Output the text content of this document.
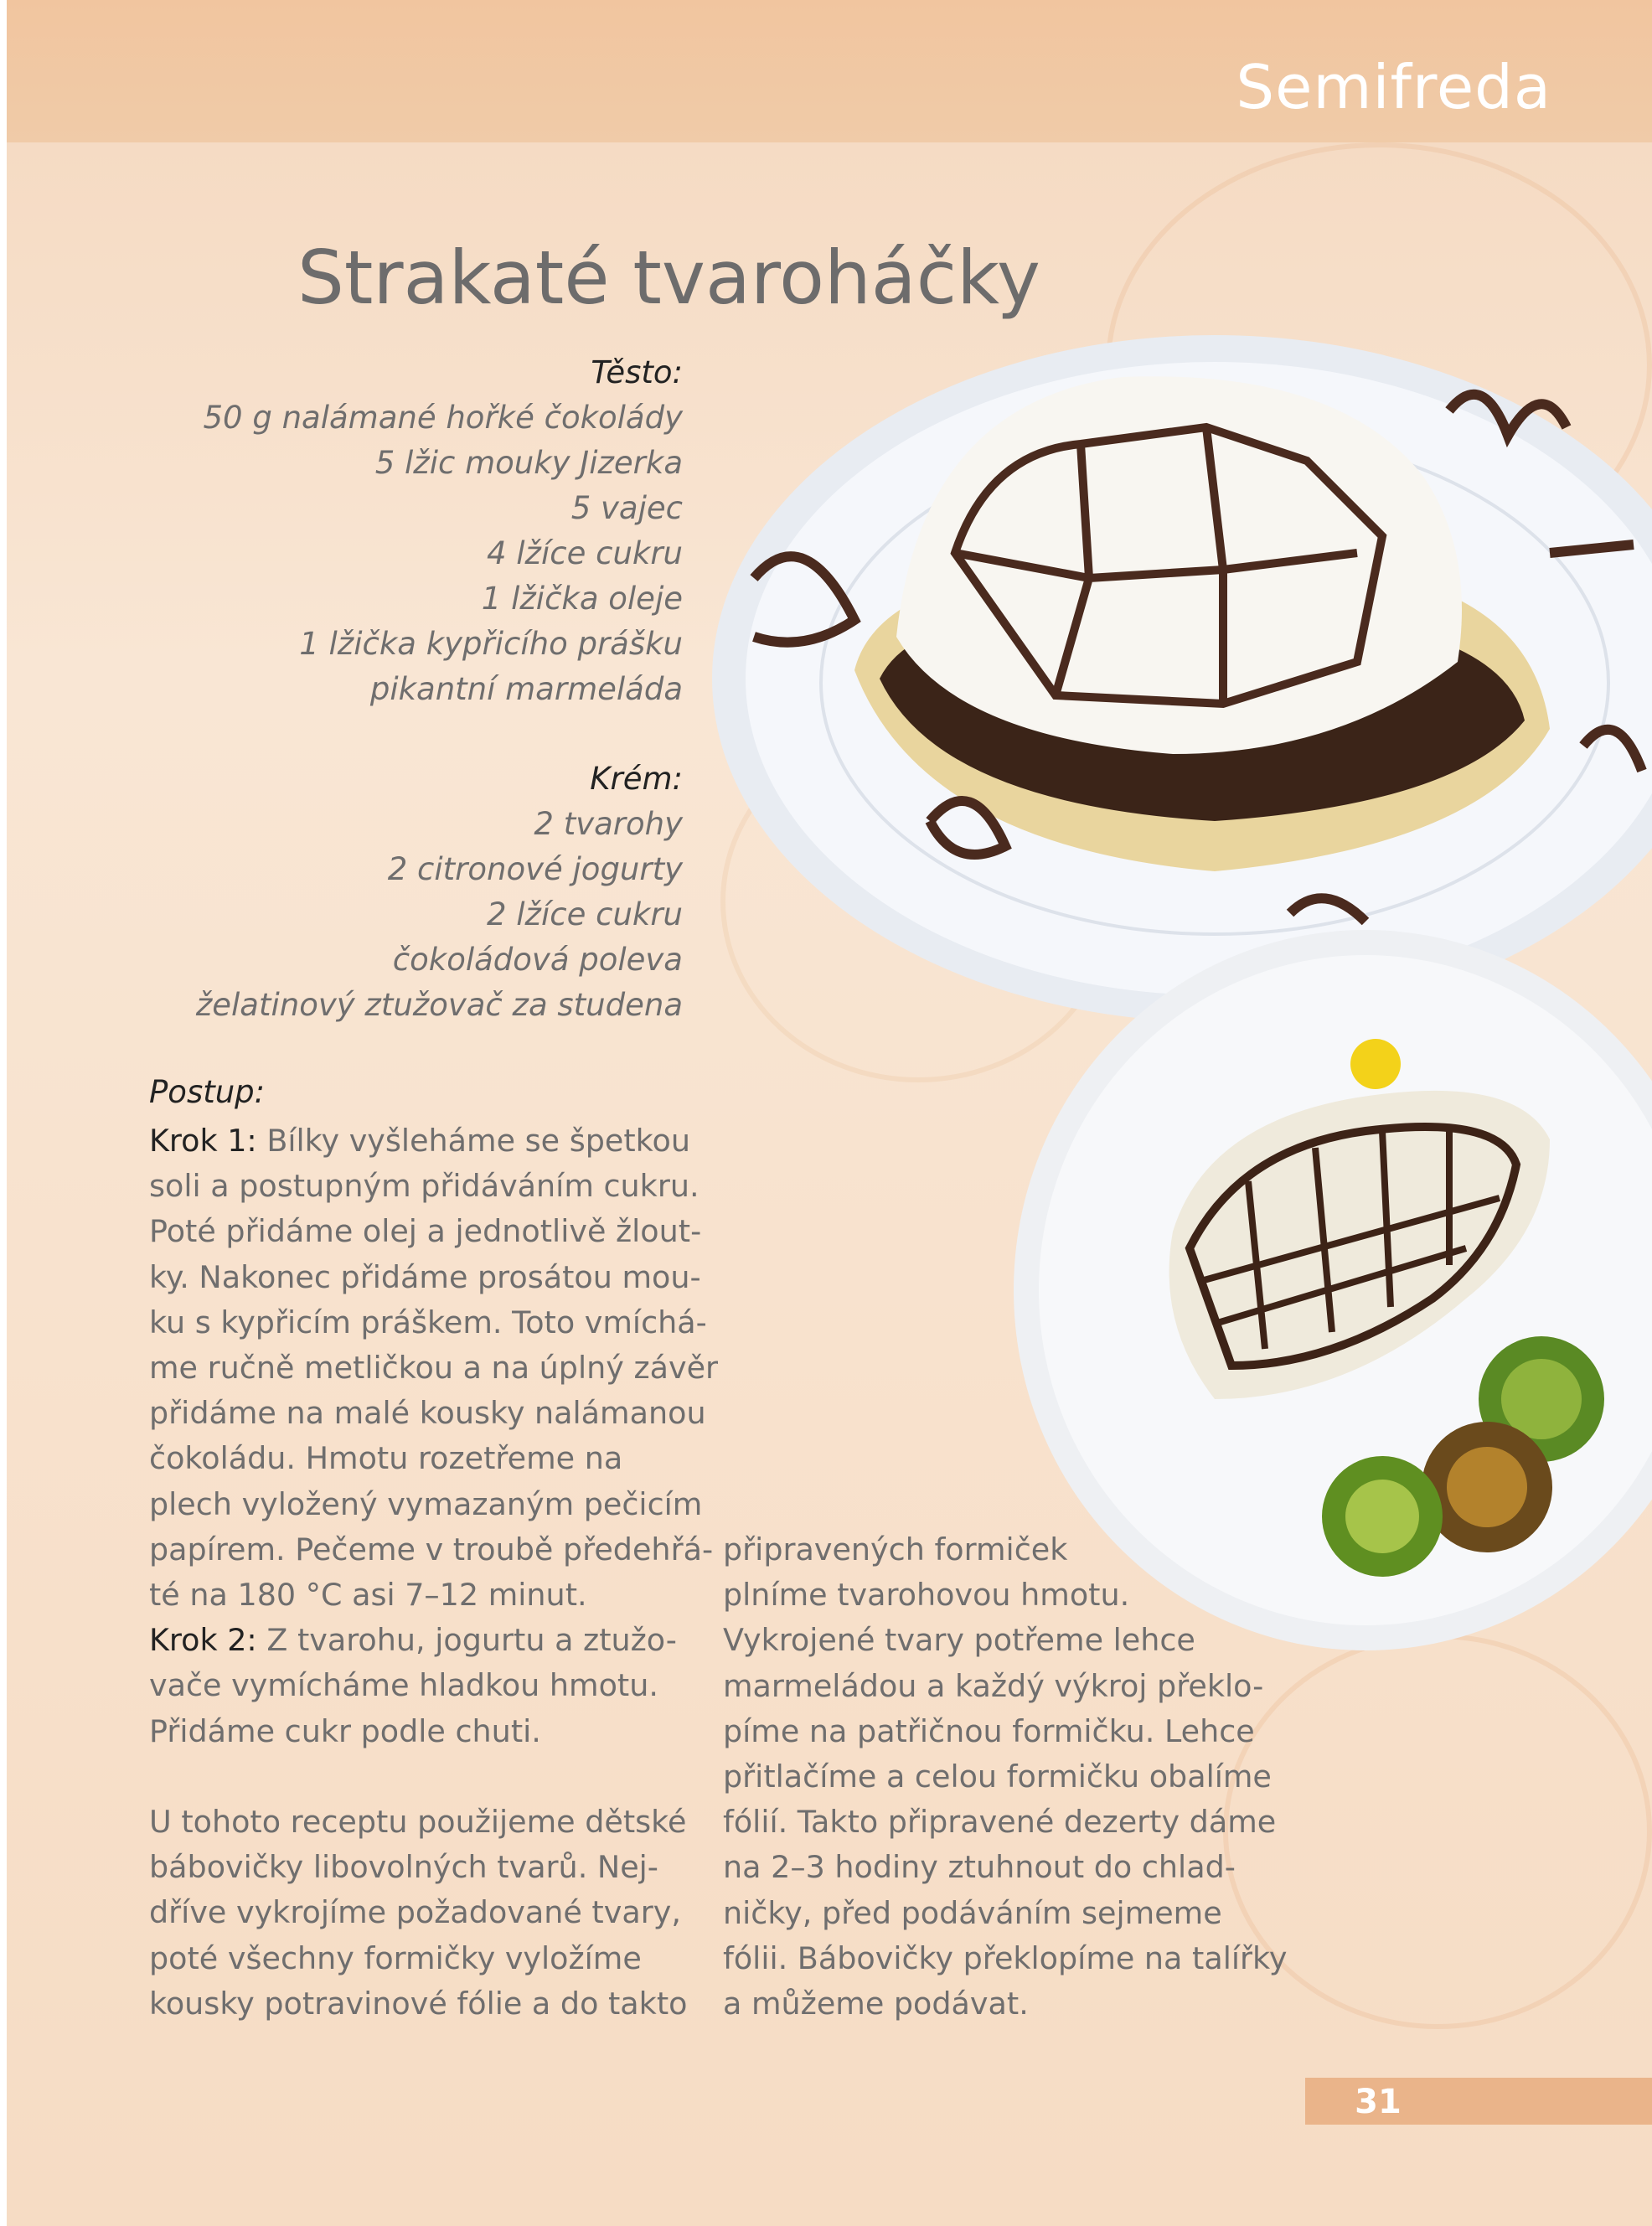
Semifreda
Strakaté tvaroháčky
Těsto:
50 g nalámané hořké čokolády
5 lžic mouky Jizerka
5 vajec
4 lžíce cukru
1 lžička oleje
1 lžička kypřicího prášku
pikantní marmeláda
Krém:
2 tvarohy
2 citronové jogurty
2 lžíce cukru
čokoládová poleva
želatinový ztužovač za studena
Postup:
Krok 1: Bílky vyšleháme se špetkou
soli a postupným přidáváním cukru.
Poté přidáme olej a jednotlivě žlout-
ky. Nakonec přidáme prosátou mou-
ku s kypřicím práškem. Toto vmíchá-
me ručně metličkou a na úplný závěr
přidáme na malé kousky nalámanou
čokoládu. Hmotu rozetřeme na
plech vyložený vymazaným pečicím
papírem. Pečeme v troubě předehřá-
té na 180 °C asi 7–12 minut.
Krok 2: Z tvarohu, jogurtu a ztužo-
vače vymícháme hladkou hmotu.
Přidáme cukr podle chuti.

U tohoto receptu použijeme dětské
bábovičky libovolných tvarů. Nej-
dříve vykrojíme požadované tvary,
poté všechny formičky vyložíme
kousky potravinové fólie a do takto
připravených formiček
plníme tvarohovou hmotu.
Vykrojené tvary potřeme lehce
marmeládou a každý výkroj překlo-
píme na patřičnou formičku. Lehce
přitlačíme a celou formičku obalíme
fólií. Takto připravené dezerty dáme
na 2–3 hodiny ztuhnout do chlad-
ničky, před podáváním sejmeme
fólii. Bábovičky překlopíme na talířky
a můžeme podávat.
31
